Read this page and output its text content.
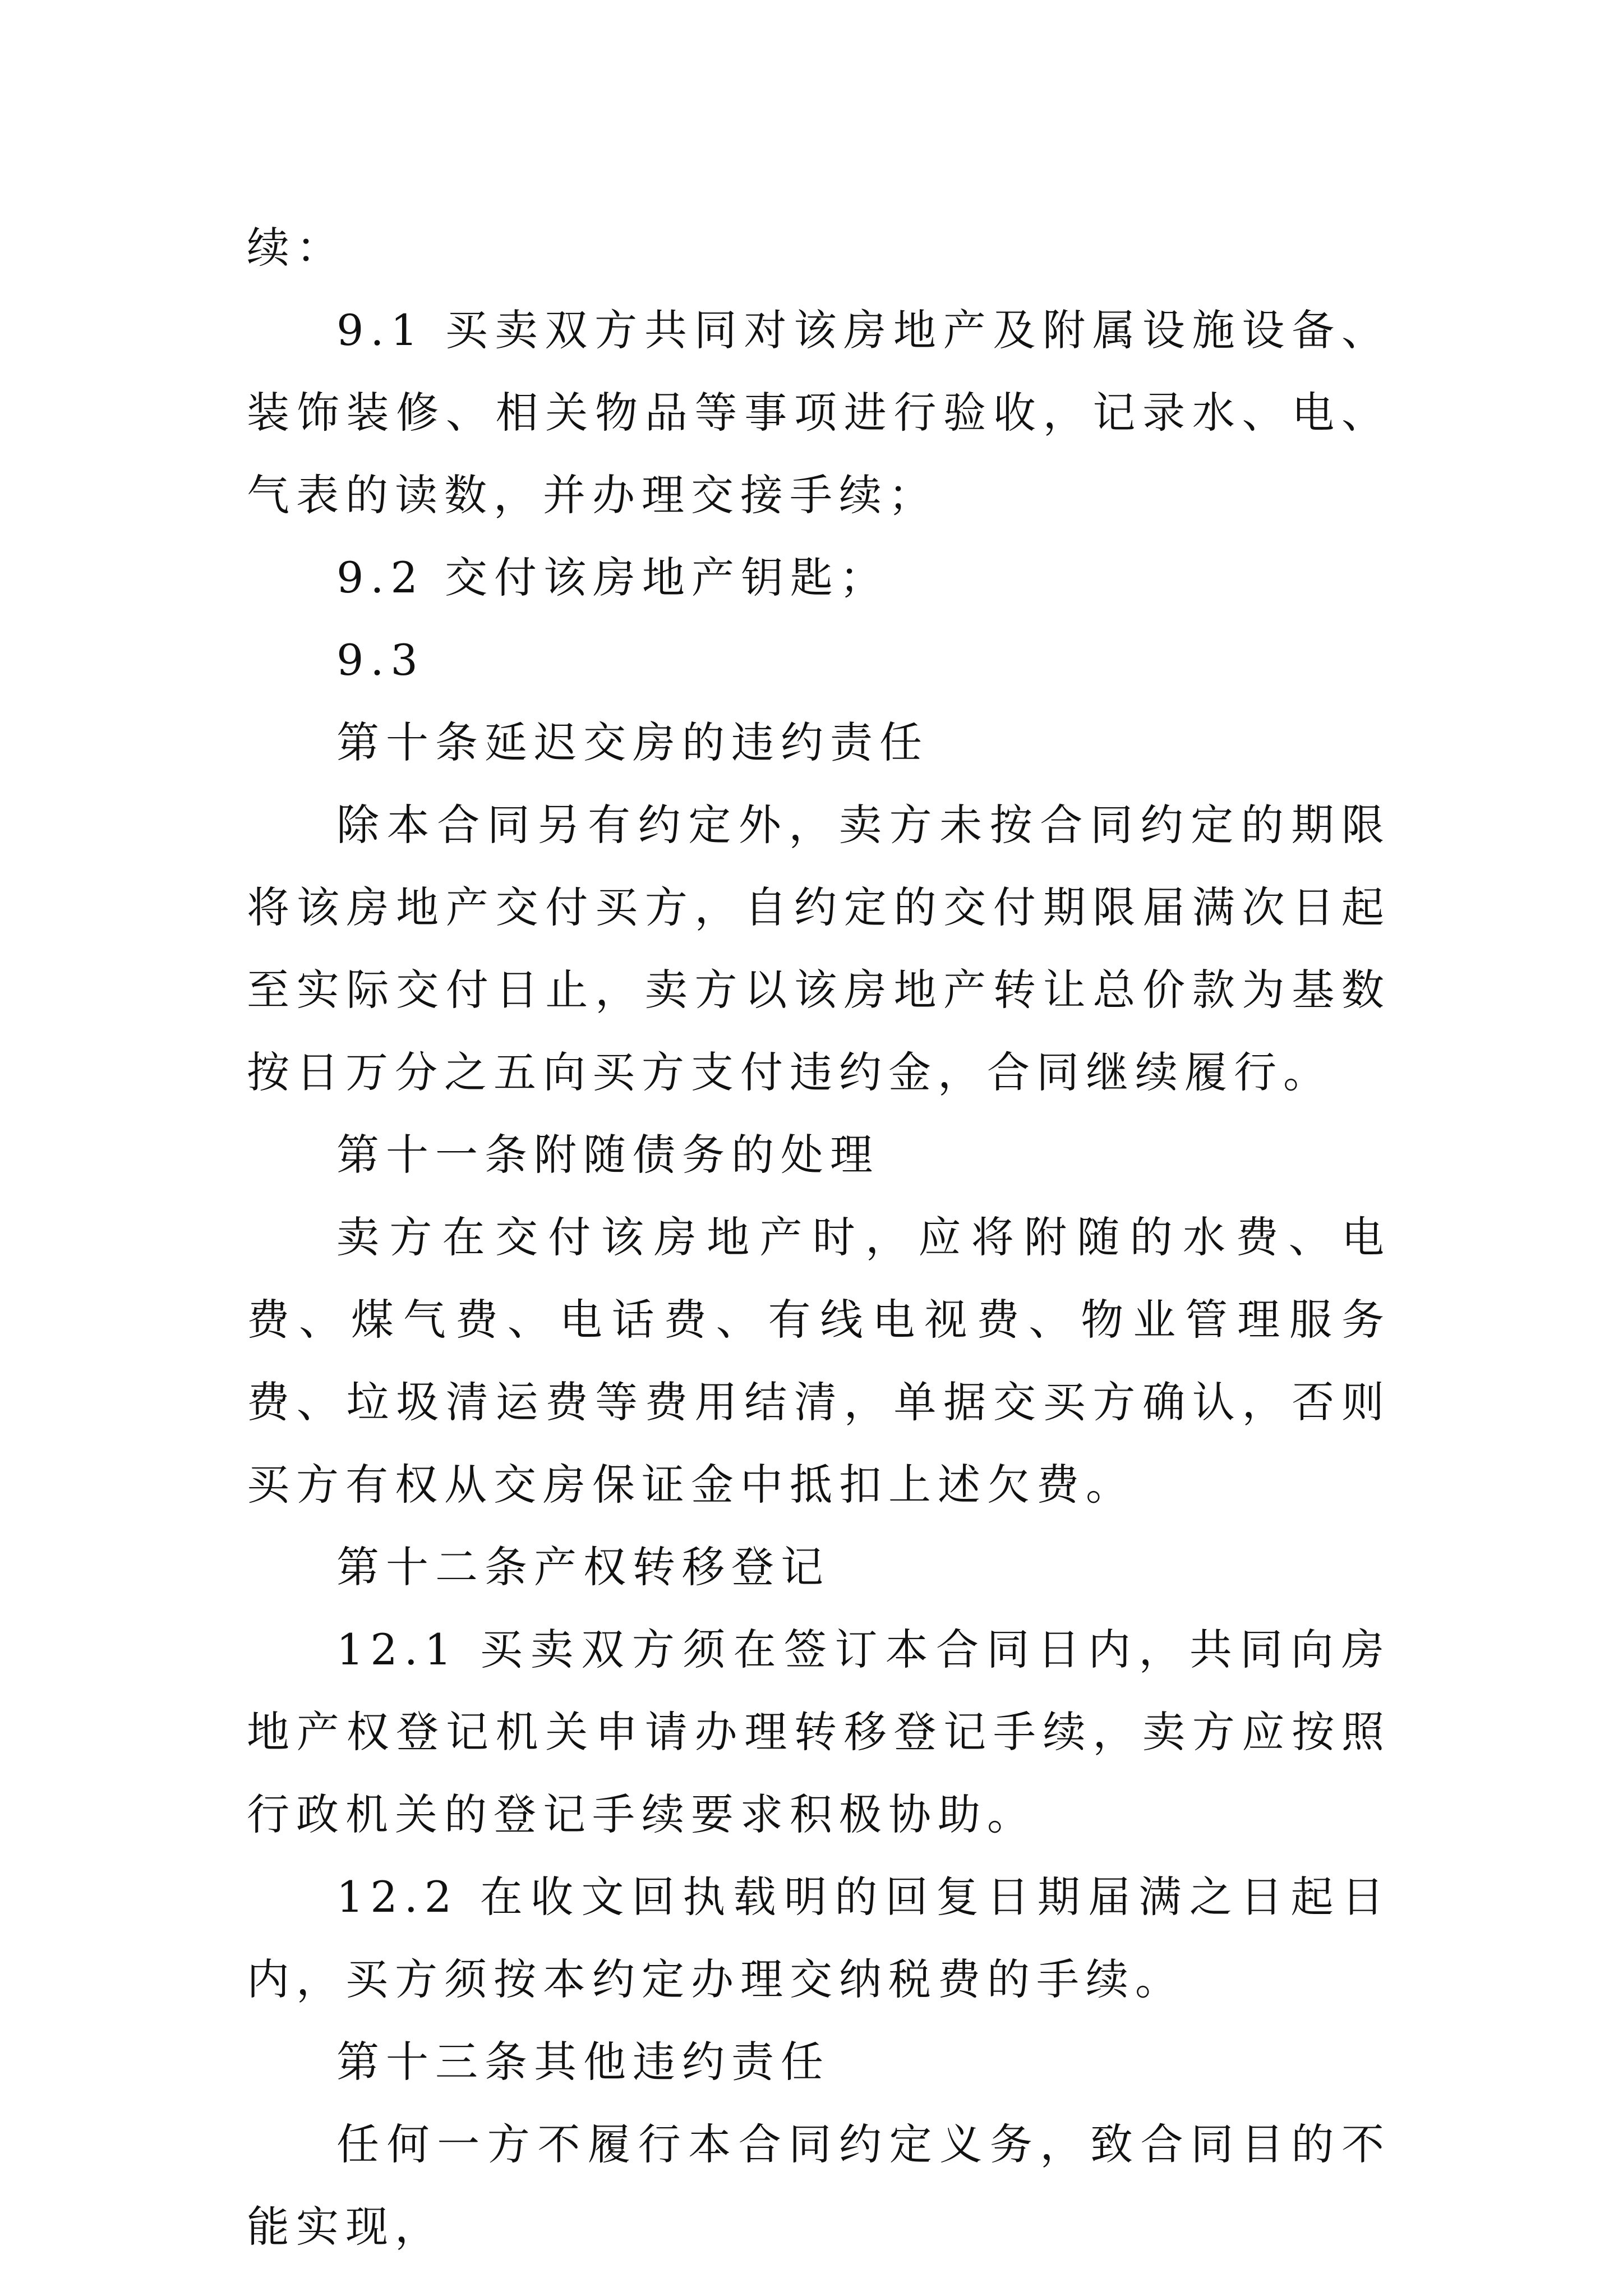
续：

9.1 买卖双方共同对该房地产及附属设施设备、装饰装修、相关物品等事项进行验收，记录水、电、气表的读数，并办理交接手续；

9.2 交付该房地产钥匙；

9.3

第十条延迟交房的违约责任

除本合同另有约定外，卖方未按合同约定的期限将该房地产交付买方，自约定的交付期限届满次日起至实际交付日止，卖方以该房地产转让总价款为基数按日万分之五向买方支付违约金，合同继续履行。

第十一条附随债务的处理

卖方在交付该房地产时，应将附随的水费、电费、煤气费、电话费、有线电视费、物业管理服务费、垃圾清运费等费用结清，单据交买方确认，否则买方有权从交房保证金中抵扣上述欠费。

第十二条产权转移登记

12.1 买卖双方须在签订本合同日内，共同向房地产权登记机关申请办理转移登记手续，卖方应按照行政机关的登记手续要求积极协助。

12.2 在收文回执载明的回复日期届满之日起日内，买方须按本约定办理交纳税费的手续。

第十三条其他违约责任

任何一方不履行本合同约定义务，致合同目的不能实现，
